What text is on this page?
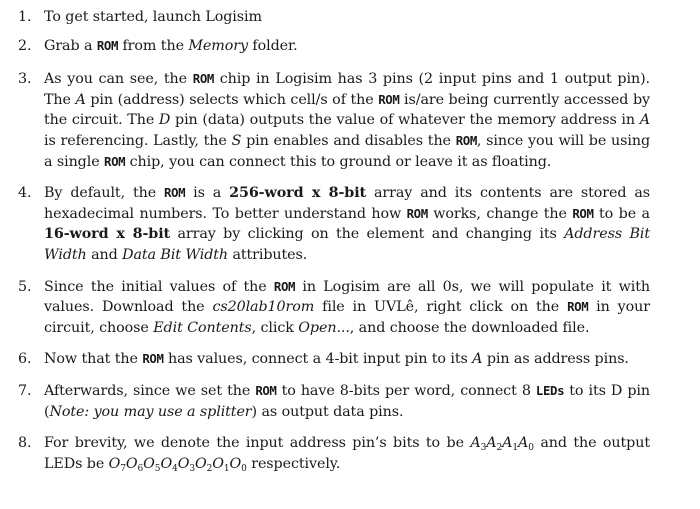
1. To get started, launch Logisim
2. Grab a ROM from the Memory folder.
3. As you can see, the ROM chip in Logisim has 3 pins (2 input pins and 1 output pin). The A pin (address) selects which cell/s of the ROM is/are being currently accessed by the circuit. The D pin (data) outputs the value of whatever the memory address in A is referencing. Lastly, the S pin enables and disables the ROM, since you will be using a single ROM chip, you can connect this to ground or leave it as floating.
4. By default, the ROM is a 256-word x 8-bit array and its contents are stored as hexadecimal numbers. To better understand how ROM works, change the ROM to be a 16-word x 8-bit array by clicking on the element and changing its Address Bit Width and Data Bit Width attributes.
5. Since the initial values of the ROM in Logisim are all 0s, we will populate it with values. Download the cs20lab10rom file in UVLê, right click on the ROM in your circuit, choose Edit Contents, click Open..., and choose the downloaded file.
6. Now that the ROM has values, connect a 4-bit input pin to its A pin as address pins.
7. Afterwards, since we set the ROM to have 8-bits per word, connect 8 LEDs to its D pin (Note: you may use a splitter) as output data pins.
8. For brevity, we denote the input address pin’s bits to be $A_3A_2A_1A_0$ and the output LEDs be $O_7O_6O_5O_4O_3O_2O_1O_0$ respectively.
